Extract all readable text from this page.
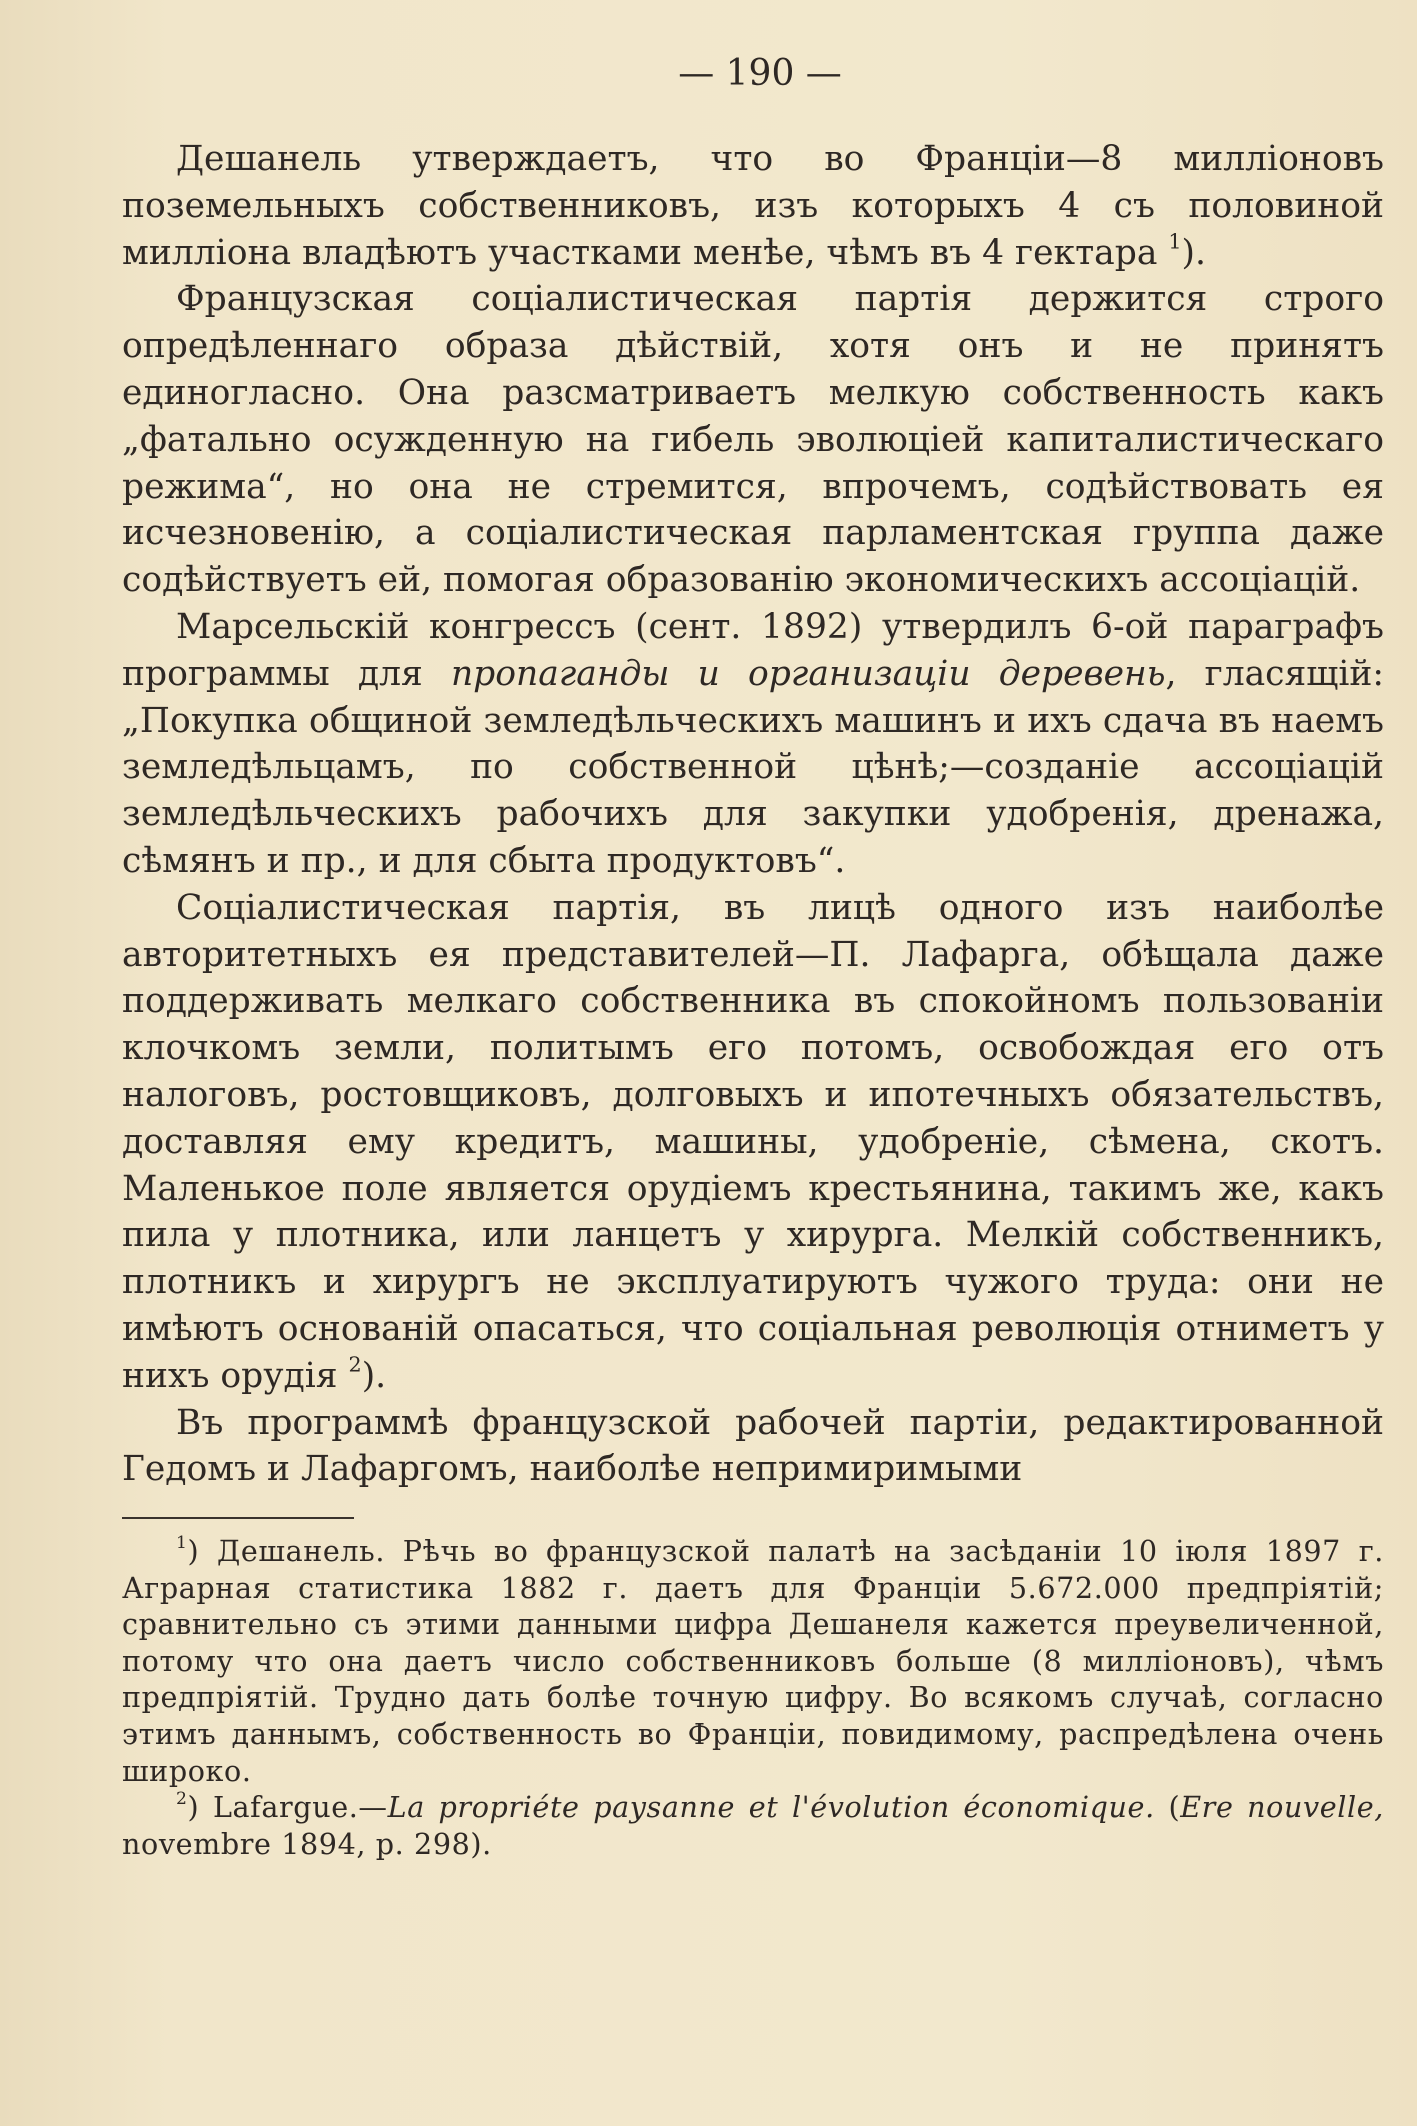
— 190 —

Дешанель утверждаетъ, что во Франціи—8 милліоновъ поземельныхъ собственниковъ, изъ которыхъ 4 съ половиной милліона владѣютъ участками менѣе, чѣмъ въ 4 гектара $^1$).

Французская соціалистическая партія держится строго опредѣленнаго образа дѣйствій, хотя онъ и не принятъ единогласно. Она разсматриваетъ мелкую собственность какъ „фатально осужденную на гибель эволюціей капиталистическаго режима“, но она не стремится, впрочемъ, содѣйствовать ея исчезновенію, а соціалистическая парламентская группа даже содѣйствуетъ ей, помогая образованію экономическихъ ассоціацій.

Марсельскій конгрессъ (сент. 1892) утвердилъ 6-ой параграфъ программы для пропаганды и организаціи деревень, гласящій: „Покупка общиной земледѣльческихъ машинъ и ихъ сдача въ наемъ земледѣльцамъ, по собственной цѣнѣ;—созданіе ассоціацій земледѣльческихъ рабочихъ для закупки удобренія, дренажа, сѣмянъ и пр., и для сбыта продуктовъ“.

Соціалистическая партія, въ лицѣ одного изъ наиболѣе авторитетныхъ ея представителей—П. Лафарга, обѣщала даже поддерживать мелкаго собственника въ спокойномъ пользованіи клочкомъ земли, политымъ его потомъ, освобождая его отъ налоговъ, ростовщиковъ, долговыхъ и ипотечныхъ обязательствъ, доставляя ему кредитъ, машины, удобреніе, сѣмена, скотъ. Маленькое поле является орудіемъ крестьянина, такимъ же, какъ пила у плотника, или ланцетъ у хирурга. Мелкій собственникъ, плотникъ и хирургъ не эксплуатируютъ чужого труда: они не имѣютъ основаній опасаться, что соціальная революція отниметъ у нихъ орудія $^2$).

Въ программѣ французской рабочей партіи, редактированной Гедомъ и Лафаргомъ, наиболѣе непримиримыми

$^1$) Дешанель. Рѣчь во французской палатѣ на засѣданіи 10 іюля 1897 г. Аграрная статистика 1882 г. даетъ для Франціи 5.672.000 предпріятій; сравнительно съ этими данными цифра Дешанеля кажется преувеличенной, потому что она даетъ число собственниковъ больше (8 милліоновъ), чѣмъ предпріятій. Трудно дать болѣе точную цифру. Во всякомъ случаѣ, согласно этимъ даннымъ, собственность во Франціи, повидимому, распредѣлена очень широко.

$^2$) Lafargue.—La propriéte paysanne et l'évolution économique. (Ere nouvelle, novembre 1894, p. 298).
